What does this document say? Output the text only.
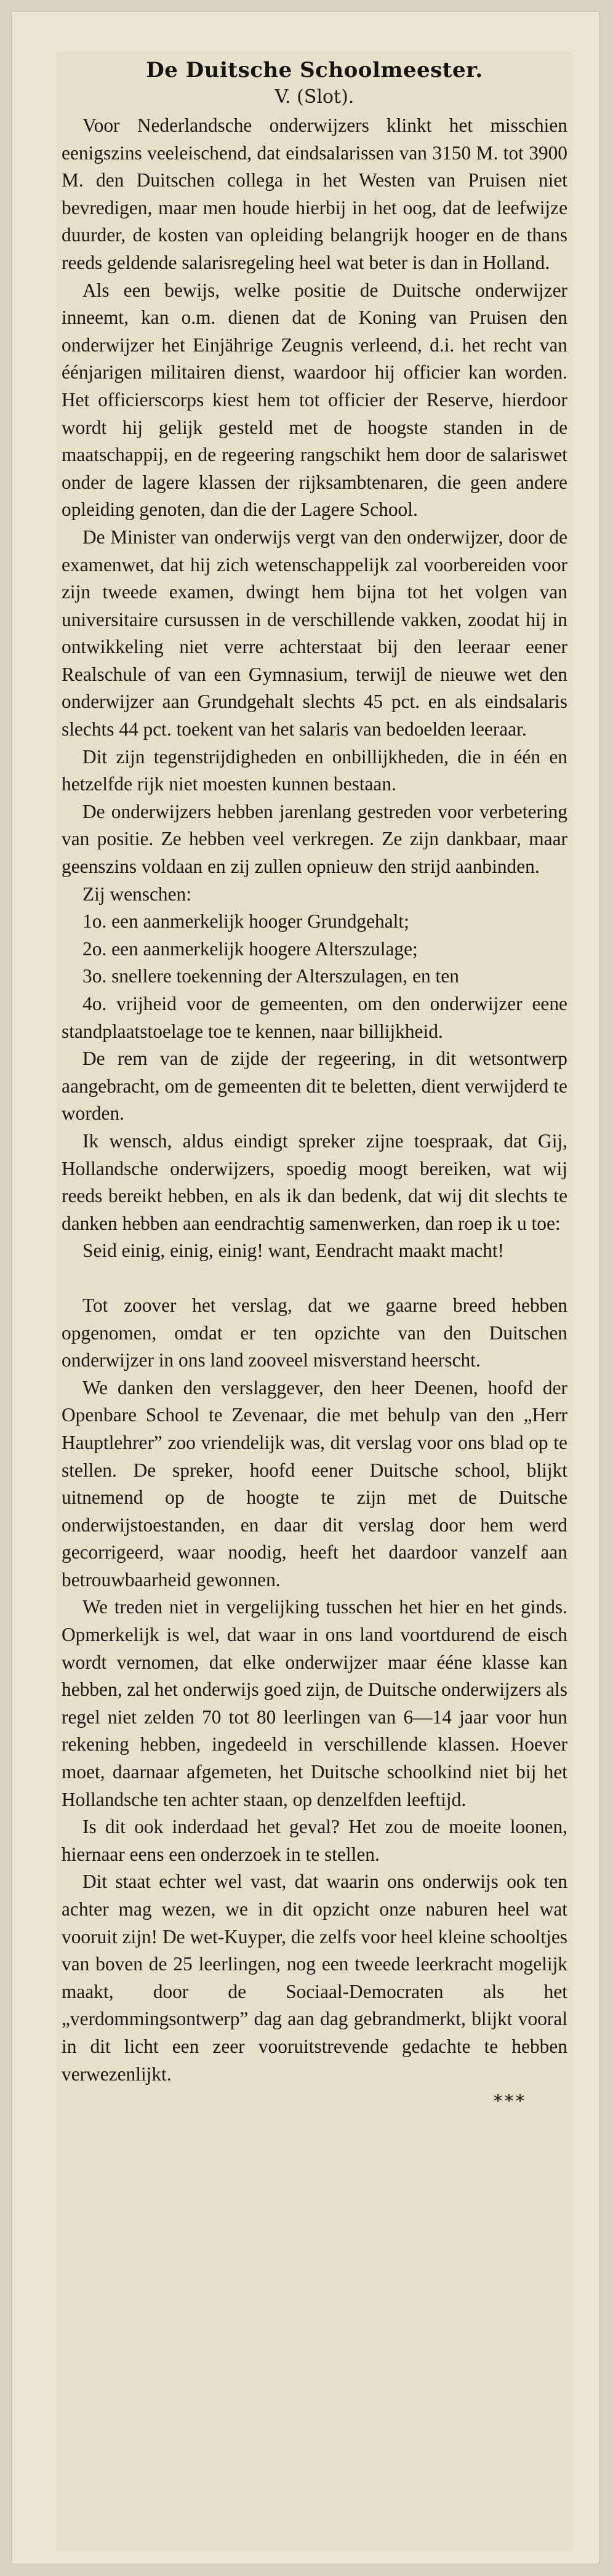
De Duitsche Schoolmeester.
V. (Slot).

Voor Nederlandsche onderwijzers klinkt het misschien eenigszins veeleischend, dat eindsalarissen van 3150 M. tot 3900 M. den Duitschen collega in het Westen van Pruisen niet bevredigen, maar men houde hierbij in het oog, dat de leefwijze duurder, de kosten van opleiding belangrijk hooger en de thans reeds geldende salarisregeling heel wat beter is dan in Holland.

Als een bewijs, welke positie de Duitsche onderwijzer inneemt, kan o.m. dienen dat de Koning van Pruisen den onderwijzer het Einjährige Zeugnis verleend, d.i. het recht van éénjarigen militairen dienst, waardoor hij officier kan worden. Het officierscorps kiest hem tot officier der Reserve, hierdoor wordt hij gelijk gesteld met de hoogste standen in de maatschappij, en de regeering rangschikt hem door de salariswet onder de lagere klassen der rijksambtenaren, die geen andere opleiding genoten, dan die der Lagere School.

De Minister van onderwijs vergt van den onderwijzer, door de examenwet, dat hij zich wetenschappelijk zal voorbereiden voor zijn tweede examen, dwingt hem bijna tot het volgen van universitaire cursussen in de verschillende vakken, zoodat hij in ontwikkeling niet verre achterstaat bij den leeraar eener Realschule of van een Gymnasium, terwijl de nieuwe wet den onderwijzer aan Grundgehalt slechts 45 pct. en als eindsalaris slechts 44 pct. toekent van het salaris van bedoelden leeraar.

Dit zijn tegenstrijdigheden en onbillijkheden, die in één en hetzelfde rijk niet moesten kunnen bestaan.

De onderwijzers hebben jarenlang gestreden voor verbetering van positie. Ze hebben veel verkregen. Ze zijn dankbaar, maar geenszins voldaan en zij zullen opnieuw den strijd aanbinden.

Zij wenschen:

1o. een aanmerkelijk hooger Grundgehalt;

2o. een aanmerkelijk hoogere Alterszulage;

3o. snellere toekenning der Alterszulagen, en ten

4o. vrijheid voor de gemeenten, om den onderwijzer eene standplaatstoelage toe te kennen, naar billijkheid.

De rem van de zijde der regeering, in dit wetsontwerp aangebracht, om de gemeenten dit te beletten, dient verwijderd te worden.

Ik wensch, aldus eindigt spreker zijne toespraak, dat Gij, Hollandsche onderwijzers, spoedig moogt bereiken, wat wij reeds bereikt hebben, en als ik dan bedenk, dat wij dit slechts te danken hebben aan eendrachtig samenwerken, dan roep ik u toe:

Seid einig, einig, einig! want, Eendracht maakt macht!

Tot zoover het verslag, dat we gaarne breed hebben opgenomen, omdat er ten opzichte van den Duitschen onderwijzer in ons land zooveel misverstand heerscht.

We danken den verslaggever, den heer Deenen, hoofd der Openbare School te Zevenaar, die met behulp van den „Herr Hauptlehrer” zoo vriendelijk was, dit verslag voor ons blad op te stellen. De spreker, hoofd eener Duitsche school, blijkt uitnemend op de hoogte te zijn met de Duitsche onderwijstoestanden, en daar dit verslag door hem werd gecorrigeerd, waar noodig, heeft het daardoor vanzelf aan betrouwbaarheid gewonnen.

We treden niet in vergelijking tusschen het hier en het ginds. Opmerkelijk is wel, dat waar in ons land voortdurend de eisch wordt vernomen, dat elke onderwijzer maar ééne klasse kan hebben, zal het onderwijs goed zijn, de Duitsche onderwijzers als regel niet zelden 70 tot 80 leerlingen van 6—14 jaar voor hun rekening hebben, ingedeeld in verschillende klassen. Hoever moet, daarnaar afgemeten, het Duitsche schoolkind niet bij het Hollandsche ten achter staan, op denzelfden leeftijd.

Is dit ook inderdaad het geval? Het zou de moeite loonen, hiernaar eens een onderzoek in te stellen.

Dit staat echter wel vast, dat waarin ons onderwijs ook ten achter mag wezen, we in dit opzicht onze naburen heel wat vooruit zijn! De wet-Kuyper, die zelfs voor heel kleine schooltjes van boven de 25 leerlingen, nog een tweede leerkracht mogelijk maakt, door de Sociaal-Democraten als het „verdommingsontwerp” dag aan dag gebrandmerkt, blijkt vooral in dit licht een zeer vooruitstrevende gedachte te hebben verwezenlijkt.

***
